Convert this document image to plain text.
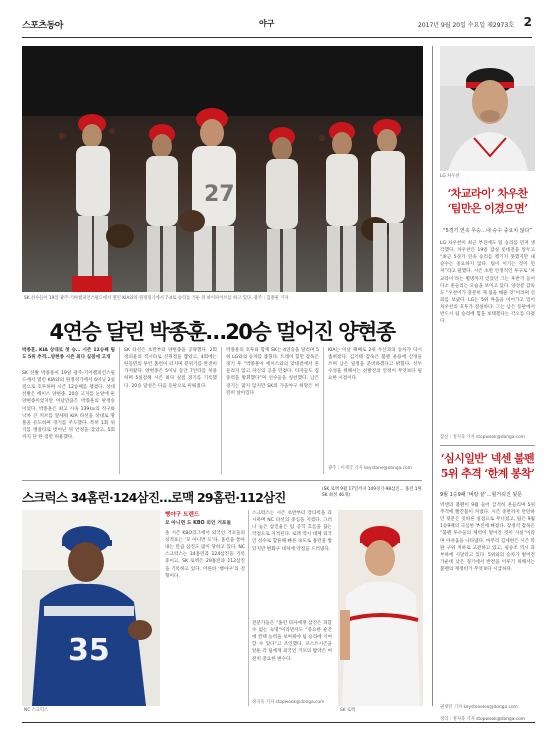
스포츠동아	야구	2017년 9월 20일 수요일 제2973호 2
27
SK 선수들이 19일 광주-기아챔피언스필드에서 열린 KIA와의 원정경기에서 7-4로 승리를 거둔 뒤 하이파이브를 하고 있다. 광주｜김종원 기자
4연승 달린 박종훈…20승 멀어진 양현종
박종훈, KIA 상대로 첫 승… 시즌 12승째 팀도 5위 추격…양현종 시즌 최다 실점에 고개
SK 선발 박종훈이 19일 광주-기아챔피언스필드에서 열린 KIA와의 원정경기에서 6이닝 2실점으로 호투하며 시즌 12승째를 챙겼다. 상대 선발은 에이스 양현종. 20승 고지를 눈앞에 둔 양현종이었지만 이날만큼은 박종훈의 판정승이었다. 박종훈은 최고 시속 139㎞의 직구와 낙차 큰 커브를 앞세워 KIA 타선을 상대로 땅볼을 유도하며 경기를 주도했다. 특히 1회 위기를 병살타로 벗어난 뒤 안정을 찾았고, 5회까지 단 한 점만 허용했다.
SK 타선은 초반부터 양현종을 공략했다. 2회 정의윤의 적시타로 선취점을 뽑았고, 4회에는 한동민의 투런 홈런이 터지며 분위기를 완전히 가져왔다. 양현종은 5이닝 동안 7안타를 허용하며 5실점해 시즌 최다 실점 경기를 기록했다. 20승 달성은 다음 등판으로 미뤄졌다.
박종훈의 호투와 함께 SK는 4연승을 달리며 5위 LG와의 승차를 좁혔다. 트레이 힐만 감독은 경기 후 “박종훈이 에이스와의 맞대결에서 흔들리지 않고 자신의 공을 던졌다. 타자들도 집중력을 발휘했다”며 선수들을 칭찬했다. 남은 경기는 많지 않지만 SK의 가을야구 희망은 여전히 살아있다.
KIA는 이날 패배로 2위 두산과의 승차가 다시 좁혀졌다. 김기태 감독은 불펜 운용에 신경을 쓰며 남은 일정을 준비하겠다고 밝혔다. 선두 수성을 위해서는 선발진의 안정이 무엇보다 필요한 시점이다.
광주｜이재국 기자 keystone@donga.com
LG 차우찬
‘차교라이’ 차우찬 ‘팀만은 이겼으면’
“5경기 연속 무승…내 승수 중요치 않다”
LG 차우찬이 최근 부진에도 팀 승리를 먼저 생각했다. 차우찬은 19일 잠실 롯데전을 앞두고 “최근 5경기 연속 승리를 챙기지 못했지만 내 승수는 중요하지 않다. 팀이 이기는 것이 먼저”라고 말했다. 시즌 초반 안정적인 투구로 ‘차교라이’라는 별명까지 얻었던 그는 후반기 들어 다소 흔들리는 모습을 보이고 있다. 양상문 감독도 “우찬이가 충분히 제 몫을 해줄 것”이라며 신뢰를 보냈다. LG는 5위 싸움을 이어가고 있어 차우찬의 호투가 절실하다. 그는 남은 등판에서 반드시 팀 승리에 힘을 보태겠다는 각오를 다졌다.
잠실｜정지욱 기자 stopwook@donga.com
‘심시일반’ 넥센 불펜 5위 추격 ‘한계 봉착’
9월 1승9패 ‘벼랑 끝’…헐거워진 뒷문
넥센의 불펜이 9월 들어 급격히 흔들리며 5위 추격에 빨간불이 켜졌다. 시즌 중반까지 탄탄하던 뒷문은 잇따른 실점으로 무너졌고, 팀은 9월 1승9패의 극심한 부진에 빠졌다. 장정석 감독은 “불펜 투수들의 체력이 떨어진 것이 사실”이라며 아쉬움을 나타냈다. 마무리 김세현은 시즌 막판 구위 저하로 고전하고 있고, 필승조 역시 과부하에 시달리고 있다. 5위와의 승차가 벌어진 가운데 남은 경기에서 반전을 이루기 위해서는 불펜의 재정비가 무엇보다 시급하다.
권재민 기자 keystonelee@donga.com
정리｜정지욱 기자 stopwook@donga.com
스크럭스 34홈런·124삼진…로맥 29홈런·112삼진
(SK 로맥 9월 17일까지 149경기·98삼진… 홈런 1위 SK 최정 46개)
35
NC 스크럭스
뻥야구 트렌드
모 아니면 도 KBO 외인 거포들
올 시즌 KBO리그에서 외국인 거포들의 성적표는 ‘모 아니면 도’다. 홈런을 쏟아내는 만큼 삼진도 많이 당하고 있다. NC 스크럭스는 34홈런과 124삼진을 기록 중이고, SK 로맥은 29홈런과 112삼진을 기록하고 있다. 이른바 ‘뻥야구’의 전형이다.
스크럭스는 시즌 초반부터 장타력을 과시하며 NC 타선의 중심을 지켰다. 그러나 높은 삼진율은 팀 공격 흐름을 끊는 약점으로 지적된다. 로맥 역시 대체 외국인 선수로 합류해 빠른 속도로 홈런을 쌓았지만 변화구 대처에 약점을 드러냈다.
전문가들은 “홈런 타자에게 삼진은 피할 수 없는 숙명”이라면서도 “중요한 순간에 컨택 능력을 보여줘야 팀 승리에 기여할 수 있다”고 조언했다. 포스트시즌을 앞둔 각 팀에게 외국인 거포의 활약은 여전히 중요한 변수다.
정지욱 기자 stopwook@donga.com
SK 로맥
